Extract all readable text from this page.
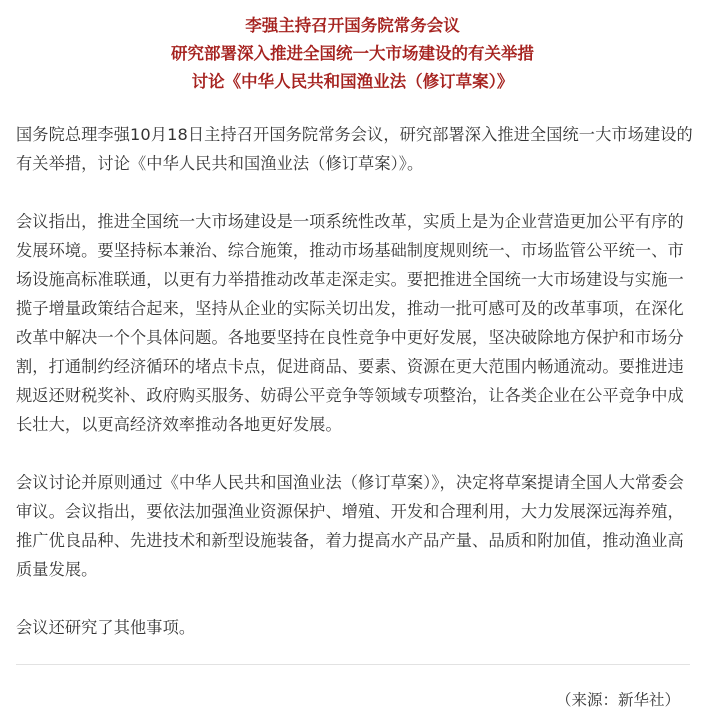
李强主持召开国务院常务会议
研究部署深入推进全国统一大市场建设的有关举措
讨论《中华人民共和国渔业法（修订草案）》

国务院总理李强10月18日主持召开国务院常务会议，研究部署深入推进全国统一大市场建设的有关举措，讨论《中华人民共和国渔业法（修订草案）》。

会议指出，推进全国统一大市场建设是一项系统性改革，实质上是为企业营造更加公平有序的发展环境。要坚持标本兼治、综合施策，推动市场基础制度规则统一、市场监管公平统一、市场设施高标准联通，以更有力举措推动改革走深走实。要把推进全国统一大市场建设与实施一揽子增量政策结合起来，坚持从企业的实际关切出发，推动一批可感可及的改革事项，在深化改革中解决一个个具体问题。各地要坚持在良性竞争中更好发展，坚决破除地方保护和市场分割，打通制约经济循环的堵点卡点，促进商品、要素、资源在更大范围内畅通流动。要推进违规返还财税奖补、政府购买服务、妨碍公平竞争等领域专项整治，让各类企业在公平竞争中成长壮大，以更高经济效率推动各地更好发展。

会议讨论并原则通过《中华人民共和国渔业法（修订草案）》，决定将草案提请全国人大常委会审议。会议指出，要依法加强渔业资源保护、增殖、开发和合理利用，大力发展深远海养殖，推广优良品种、先进技术和新型设施装备，着力提高水产品产量、品质和附加值，推动渔业高质量发展。

会议还研究了其他事项。

（来源：新华社）
